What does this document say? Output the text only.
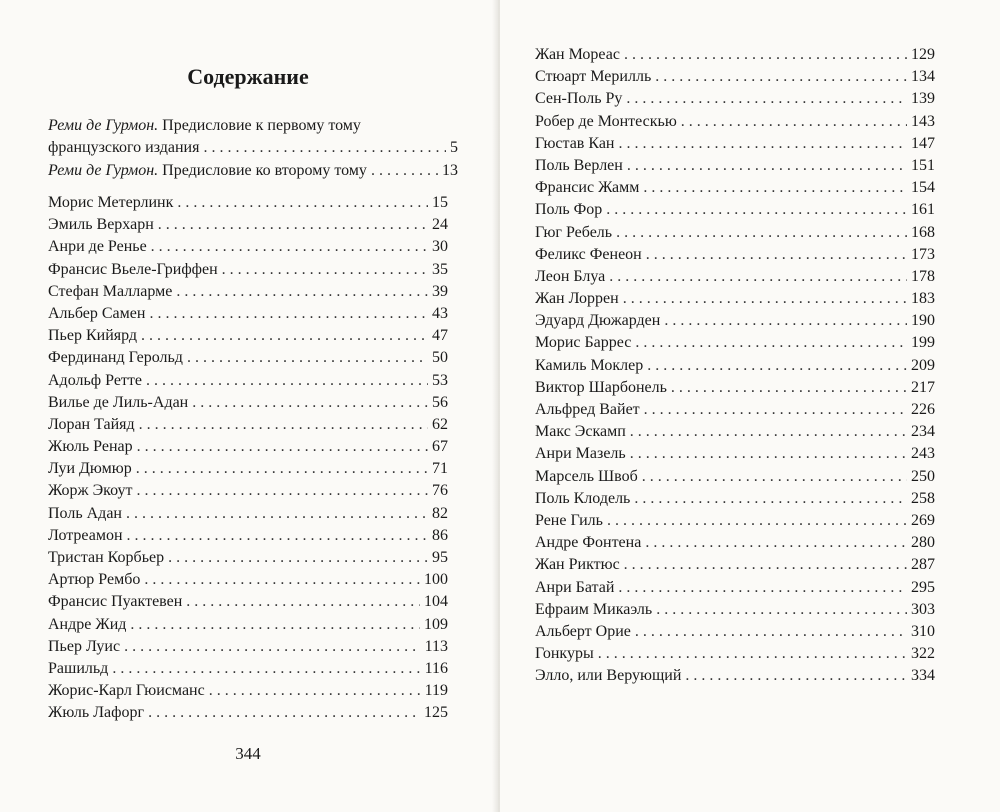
Содержание
Реми де Гурмон. Предисловие к первому тому
французского издания . . .	5
Реми де Гурмон.
Предисловие ко второму тому . . .	13
Морис Метерлинк . . .	15
Эмиль Верхарн . . .	24
Анри де Ренье . . .	30
Франсис Вьеле-Гриффен . . .	35
Стефан Малларме . . .	39
Альбер Самен . . .	43
Пьер Кийярд . . .	47
Фердинанд Герольд . . .	50
Адольф Ретте . . .	53
Вилье де Лиль-Адан . . .	56
Лоран Тайяд . . .	62
Жюль Ренар . . .	67
Луи Дюмюр . . .	71
Жорж Экоут . . .	76
Поль Адан . . .	82
Лотреамон . . .	86
Тристан Корбьер . . .	95
Артюр Рембо . . .	100
Франсис Пуактевен . . .	104
Андре Жид . . .	109
Пьер Луис . . .	113
Рашильд . . .	116
Жорис-Карл Гюисманс . . .	119
Жюль Лафорг . . .	125
344
Жан Мореас . . .	129
Стюарт Мерилль . . .	134
Сен-Поль Ру . . .	139
Робер де Монтескью . . .	143
Гюстав Кан . . .	147
Поль Верлен . . .	151
Франсис Жамм . . .	154
Поль Фор . . .	161
Гюг Ребель . . .	168
Феликс Фенеон . . .	173
Леон Блуа . . .	178
Жан Лоррен . . .	183
Эдуард Дюжарден . . .	190
Морис Баррес . . .	199
Камиль Моклер . . .	209
Виктор Шарбонель . . .	217
Альфред Вайет . . .	226
Макс Эскамп . . .	234
Анри Мазель . . .	243
Марсель Швоб . . .	250
Поль Клодель . . .	258
Рене Гиль . . .	269
Андре Фонтена . . .	280
Жан Риктюс . . .	287
Анри Батай . . .	295
Ефраим Микаэль . . .	303
Альберт Орие . . .	310
Гонкуры . . .	322
Элло, или Верующий . . .	334
